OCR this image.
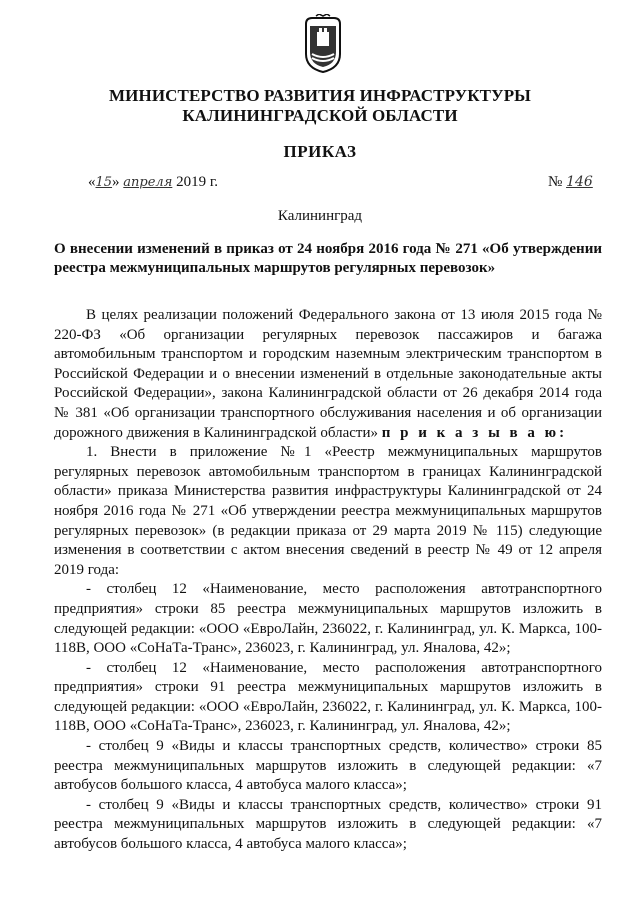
МИНИСТЕРСТВО РАЗВИТИЯ ИНФРАСТРУКТУРЫ
КАЛИНИНГРАДСКОЙ ОБЛАСТИ
ПРИКАЗ
«15» апреля 2019 г.	№ 146
Калининград
О внесении изменений в приказ от 24 ноября 2016 года № 271 «Об утверждении реестра межмуниципальных маршрутов регулярных перевозок»

В целях реализации положений Федерального закона от 13 июля 2015 года № 220-ФЗ «Об организации регулярных перевозок пассажиров и багажа автомобильным транспортом и городским наземным электрическим транспортом в Российской Федерации и о внесении изменений в отдельные законодательные акты Российской Федерации», закона Калининградской области от 26 декабря 2014 года № 381 «Об организации транспортного обслуживания населения и об организации дорожного движения в Калининградской области» п р и к а з ы в а ю:

1. Внести в приложение №1 «Реестр межмуниципальных маршрутов регулярных перевозок автомобильным транспортом в границах Калининградской области» приказа Министерства развития инфраструктуры Калининградской от 24 ноября 2016 года № 271 «Об утверждении реестра межмуниципальных маршрутов регулярных перевозок» (в редакции приказа от 29 марта 2019 № 115) следующие изменения в соответствии с актом внесения сведений в реестр № 49 от 12 апреля 2019 года:

- столбец 12 «Наименование, место расположения автотранспортного предприятия» строки 85 реестра межмуниципальных маршрутов изложить в следующей редакции: «ООО «ЕвроЛайн, 236022, г. Калининград, ул. К. Маркса, 100-118В, ООО «СоНаТа-Транс», 236023, г. Калининград, ул. Яналова, 42»;

- столбец 12 «Наименование, место расположения автотранспортного предприятия» строки 91 реестра межмуниципальных маршрутов изложить в следующей редакции: «ООО «ЕвроЛайн, 236022, г. Калининград, ул. К. Маркса, 100-118В, ООО «СоНаТа-Транс», 236023, г. Калининград, ул. Яналова, 42»;

- столбец 9 «Виды и классы транспортных средств, количество» строки 85 реестра межмуниципальных маршрутов изложить в следующей редакции: «7 автобусов большого класса, 4 автобуса малого класса»;

- столбец 9 «Виды и классы транспортных средств, количество» строки 91 реестра межмуниципальных маршрутов изложить в следующей редакции: «7 автобусов большого класса, 4 автобуса малого класса»;
